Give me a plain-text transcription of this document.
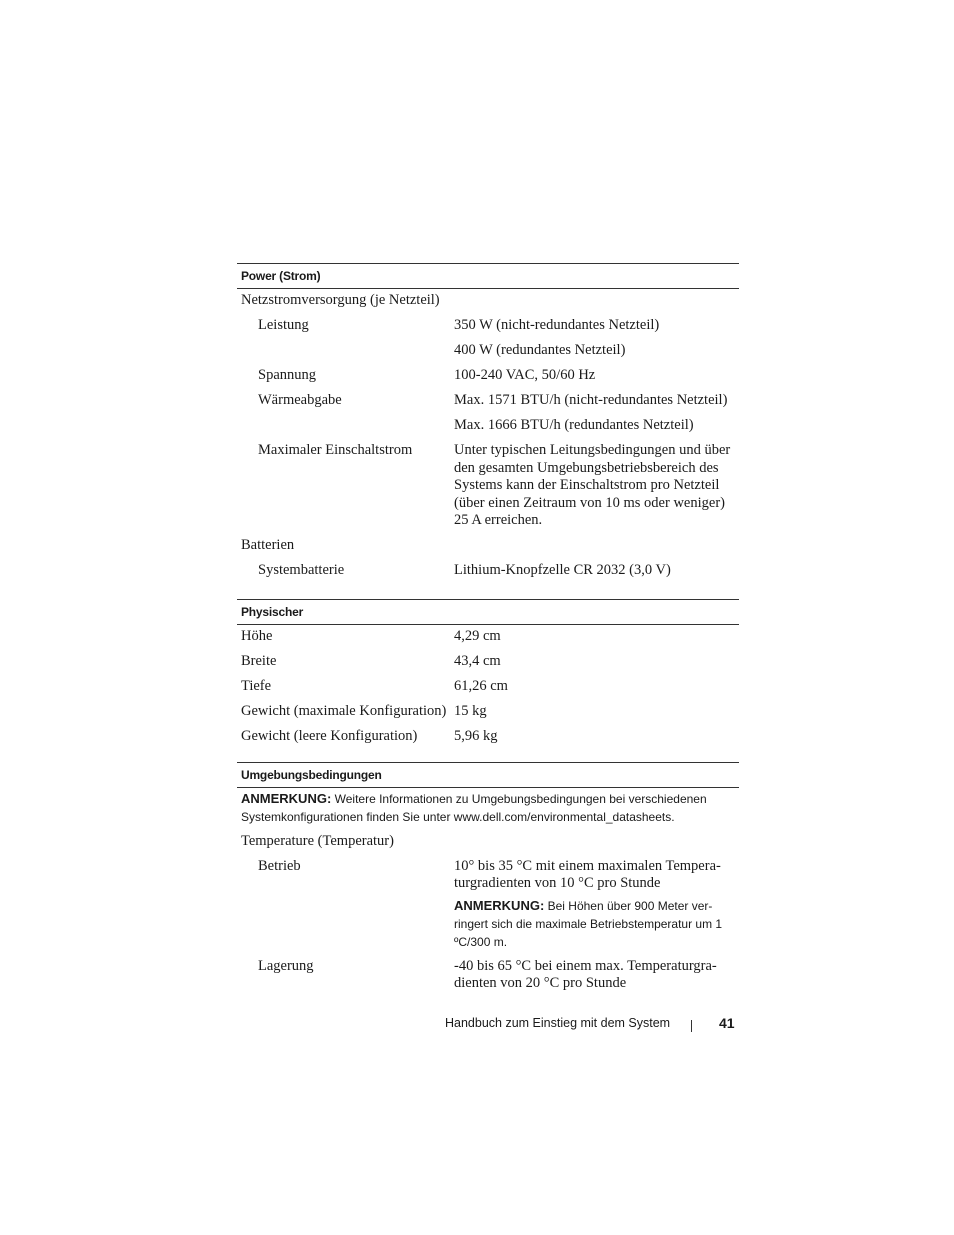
Power (Strom)
Netzstromversorgung (je Netzteil)
Leistung	350 W (nicht-redundantes Netzteil)
400 W (redundantes Netzteil)
Spannung	100-240 VAC, 50/60 Hz
Wärmeabgabe	Max. 1571 BTU/h (nicht-redundantes Netzteil)
Max. 1666 BTU/h (redundantes Netzteil)
Maximaler Einschaltstrom	Unter typischen Leitungsbedingungen und über den gesamten Umgebungsbetriebsbereich des Systems kann der Einschaltstrom pro Netzteil (über einen Zeitraum von 10 ms oder weniger) 25 A erreichen.
Batterien
Systembatterie	Lithium-Knopfzelle CR 2032 (3,0 V)
Physischer
Höhe	4,29 cm
Breite	43,4 cm
Tiefe	61,26 cm
Gewicht (maximale Konfiguration) 15 kg
Gewicht (leere Konfiguration)	5,96 kg
Umgebungsbedingungen
ANMERKUNG: Weitere Informationen zu Umgebungsbedingungen bei verschiedenen Systemkonfigurationen finden Sie unter www.dell.com/environmental_datasheets.
Temperature (Temperatur)
Betrieb	10° bis 35 °C mit einem maximalen Tempera-turgradienten von 10 °C pro Stunde
ANMERKUNG: Bei Höhen über 900 Meter ver-ringert sich die maximale Betriebstemperatur um 1 ºC/300 m.
Lagerung	-40 bis 65 °C bei einem max. Temperaturgra-dienten von 20 °C pro Stunde
Handbuch zum Einstieg mit dem System	41
